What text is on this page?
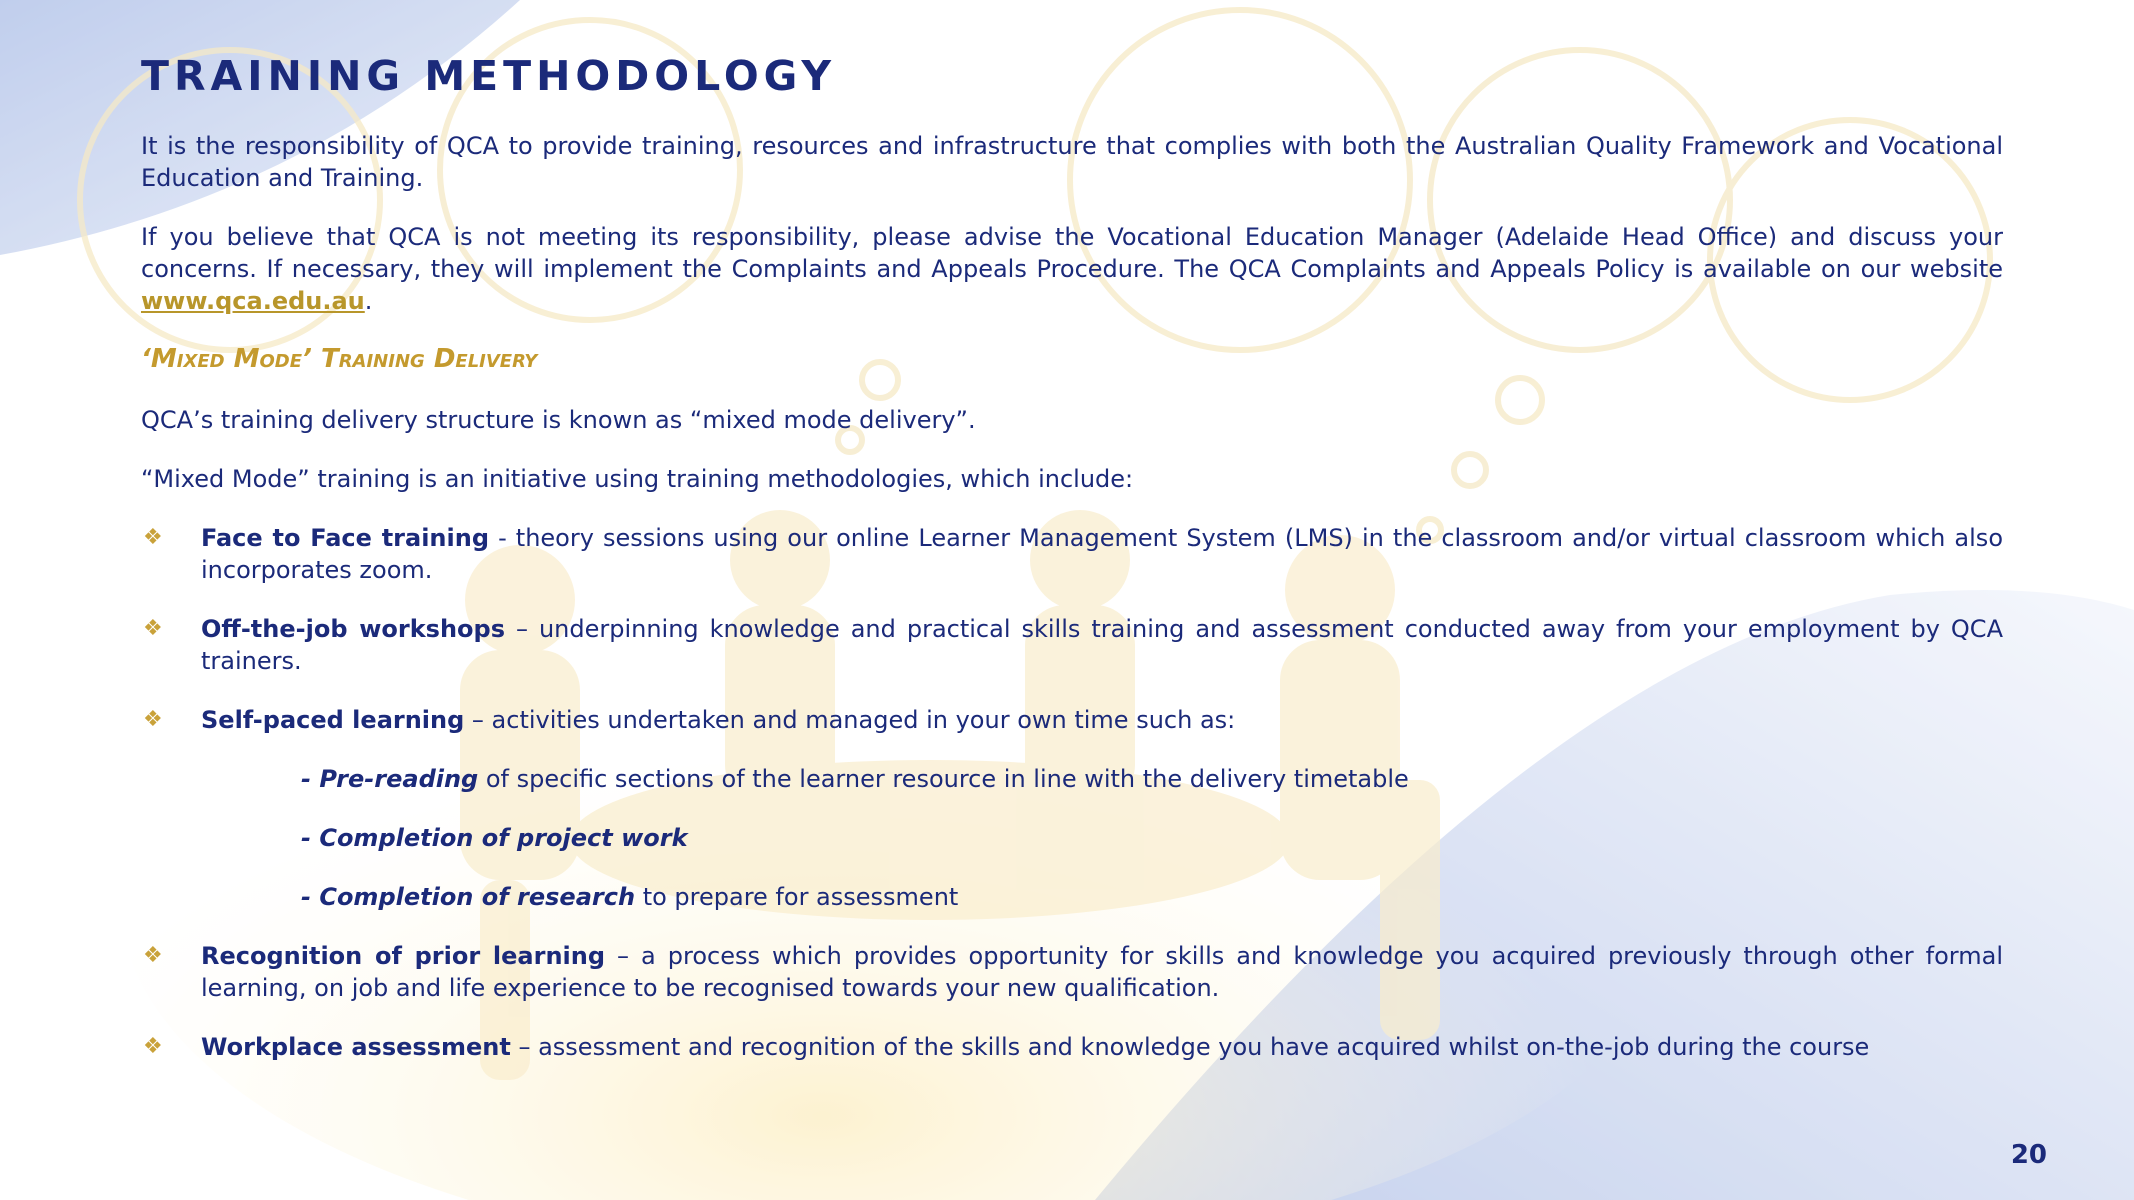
TRAINING METHODOLOGY

It is the responsibility of QCA to provide training, resources and infrastructure that complies with both the Australian Quality Framework and Vocational Education and Training.

If you believe that QCA is not meeting its responsibility, please advise the Vocational Education Manager (Adelaide Head Office) and discuss your concerns. If necessary, they will implement the Complaints and Appeals Procedure. The QCA Complaints and Appeals Policy is available on our website www.qca.edu.au.

‘Mixed Mode’ Training Delivery

QCA’s training delivery structure is known as “mixed mode delivery”.

“Mixed Mode” training is an initiative using training methodologies, which include:

❖ Face to Face training - theory sessions using our online Learner Management System (LMS) in the classroom and/or virtual classroom which also incorporates zoom.

❖ Off-the-job workshops – underpinning knowledge and practical skills training and assessment conducted away from your employment by QCA trainers.

❖ Self-paced learning – activities undertaken and managed in your own time such as:

- Pre-reading of specific sections of the learner resource in line with the delivery timetable

- Completion of project work

- Completion of research to prepare for assessment

❖ Recognition of prior learning – a process which provides opportunity for skills and knowledge you acquired previously through other formal learning, on job and life experience to be recognised towards your new qualification.

❖ Workplace assessment – assessment and recognition of the skills and knowledge you have acquired whilst on-the-job during the course

20
